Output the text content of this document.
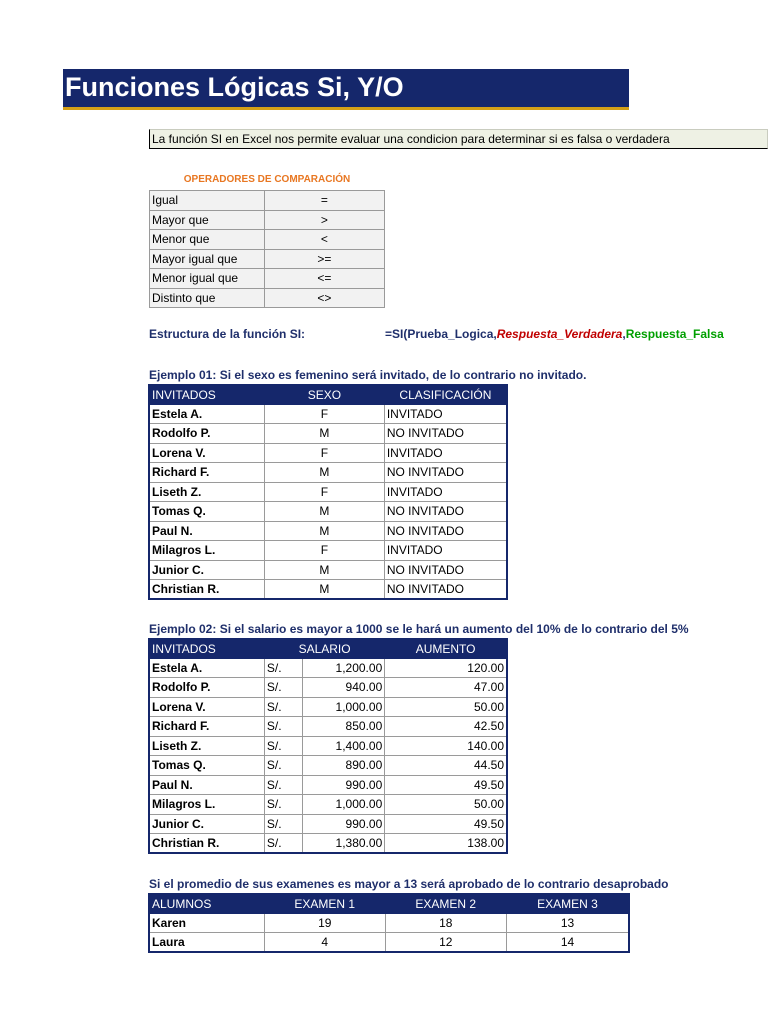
Funciones Lógicas Si, Y/O
La función SI en Excel nos permite evaluar una condicion para determinar si es falsa o verdadera
OPERADORES DE COMPARACIÓN
Igual	=
Mayor que	>
Menor que	<
Mayor igual que	>=
Menor igual que	<=
Distinto que	<>
Estructura de la función SI:	=SI(Prueba_Logica,Respuesta_Verdadera,Respuesta_Falsa
Ejemplo 01: Si el sexo es femenino será invitado, de lo contrario no invitado.
INVITADOS	SEXO	CLASIFICACIÓN
Estela A.	F	INVITADO
Rodolfo P.	M	NO INVITADO
Lorena V.	F	INVITADO
Richard F.	M	NO INVITADO
Liseth Z.	F	INVITADO
Tomas Q.	M	NO INVITADO
Paul N.	M	NO INVITADO
Milagros L.	F	INVITADO
Junior C.	M	NO INVITADO
Christian R.	M	NO INVITADO
Ejemplo 02: Si el salario es mayor a 1000 se le hará un aumento del 10% de lo contrario del 5%
INVITADOS	SALARIO		AUMENTO
Estela A.	S/.	1,200.00	120.00
Rodolfo P.	S/.	940.00	47.00
Lorena V.	S/.	1,000.00	50.00
Richard F.	S/.	850.00	42.50
Liseth Z.	S/.	1,400.00	140.00
Tomas Q.	S/.	890.00	44.50
Paul N.	S/.	990.00	49.50
Milagros L.	S/.	1,000.00	50.00
Junior C.	S/.	990.00	49.50
Christian R.	S/.	1,380.00	138.00
Si el promedio de sus examenes es mayor a 13 será aprobado de lo contrario desaprobado
ALUMNOS	EXAMEN 1	EXAMEN 2	EXAMEN 3
Karen	19	18	13
Laura	4	12	14
